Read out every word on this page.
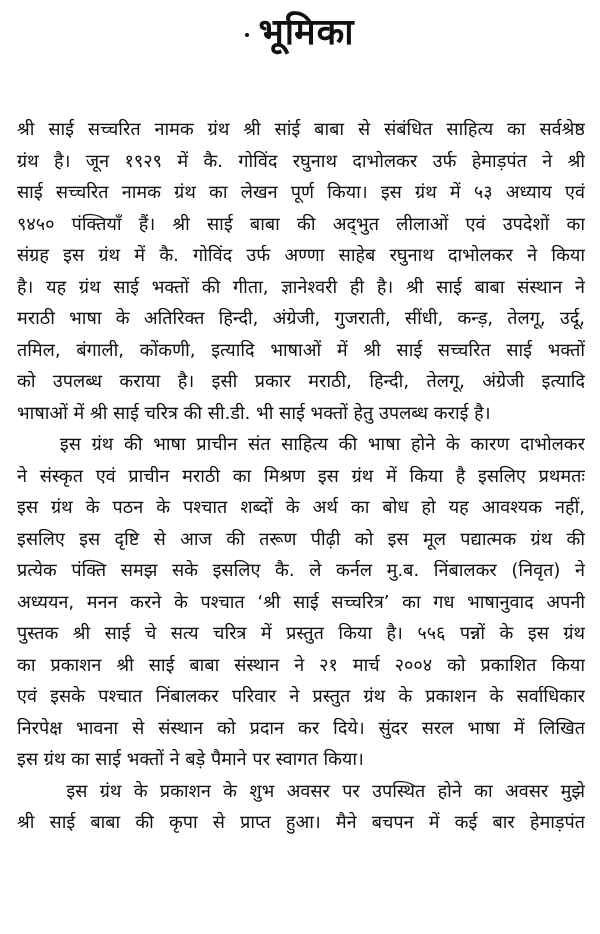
भूमिका
श्री साई सच्चरित नामक ग्रंथ श्री सांई बाबा से संबंधित साहित्य का सर्वश्रेष्ठ
ग्रंथ है। जून १९२९ में कै. गोविंद रघुनाथ दाभोलकर उर्फ हेमाड़पंत ने श्री
साई सच्चरित नामक ग्रंथ का लेखन पूर्ण किया। इस ग्रंथ में ५३ अध्याय एवं
९४५० पंक्तियाँ हैं। श्री साई बाबा की अद्‌भुत लीलाओं एवं उपदेशों का
संग्रह इस ग्रंथ में कै. गोविंद उर्फ अण्णा साहेब रघुनाथ दाभोलकर ने किया
है। यह ग्रंथ साई भक्तों की गीता, ज्ञानेश्वरी ही है। श्री साई बाबा संस्थान ने
मराठी भाषा के अतिरिक्त हिन्दी, अंग्रेजी, गुजराती, सींधी, कन्ड़, तेलगू, उर्दू,
तमिल, बंगाली, कोंकणी, इत्यादि भाषाओं में श्री साई सच्चरित साई भक्तों
को उपलब्ध कराया है। इसी प्रकार मराठी, हिन्दी, तेलगू, अंग्रेजी इत्यादि
भाषाओं में श्री साई चरित्र की सी.डी. भी साई भक्तों हेतु उपलब्ध कराई है।
इस ग्रंथ की भाषा प्राचीन संत साहित्य की भाषा होने के कारण दाभोलकर
ने संस्कृत एवं प्राचीन मराठी का मिश्रण इस ग्रंथ में किया है इसलिए प्रथमतः
इस ग्रंथ के पठन के पश्चात शब्दों के अर्थ का बोध हो यह आवश्यक नहीं,
इसलिए इस दृष्टि से आज की तरूण पीढ़ी को इस मूल पद्यात्मक ग्रंथ की
प्रत्येक पंक्ति समझ सके इसलिए कै. ले कर्नल मु.ब. निंबालकर (निवृत) ने
अध्ययन, मनन करने के पश्चात ‘श्री साई सच्चरित्र’ का गध भाषानुवाद अपनी
पुस्तक श्री साई चे सत्य चरित्र में प्रस्तुत किया है। ५५६ पन्नों के इस ग्रंथ
का प्रकाशन श्री साई बाबा संस्थान ने २१ मार्च २००४ को प्रकाशित किया
एवं इसके पश्चात निंबालकर परिवार ने प्रस्तुत ग्रंथ के प्रकाशन के सर्वाधिकार
निरपेक्ष भावना से संस्थान को प्रदान कर दिये। सुंदर सरल भाषा में लिखित
इस ग्रंथ का साई भक्तों ने बड़े पैमाने पर स्वागत किया।
इस ग्रंथ के प्रकाशन के शुभ अवसर पर उपस्थित होने का अवसर मुझे
श्री साई बाबा की कृपा से प्राप्त हुआ। मैने बचपन में कई बार हेमाड़पंत
